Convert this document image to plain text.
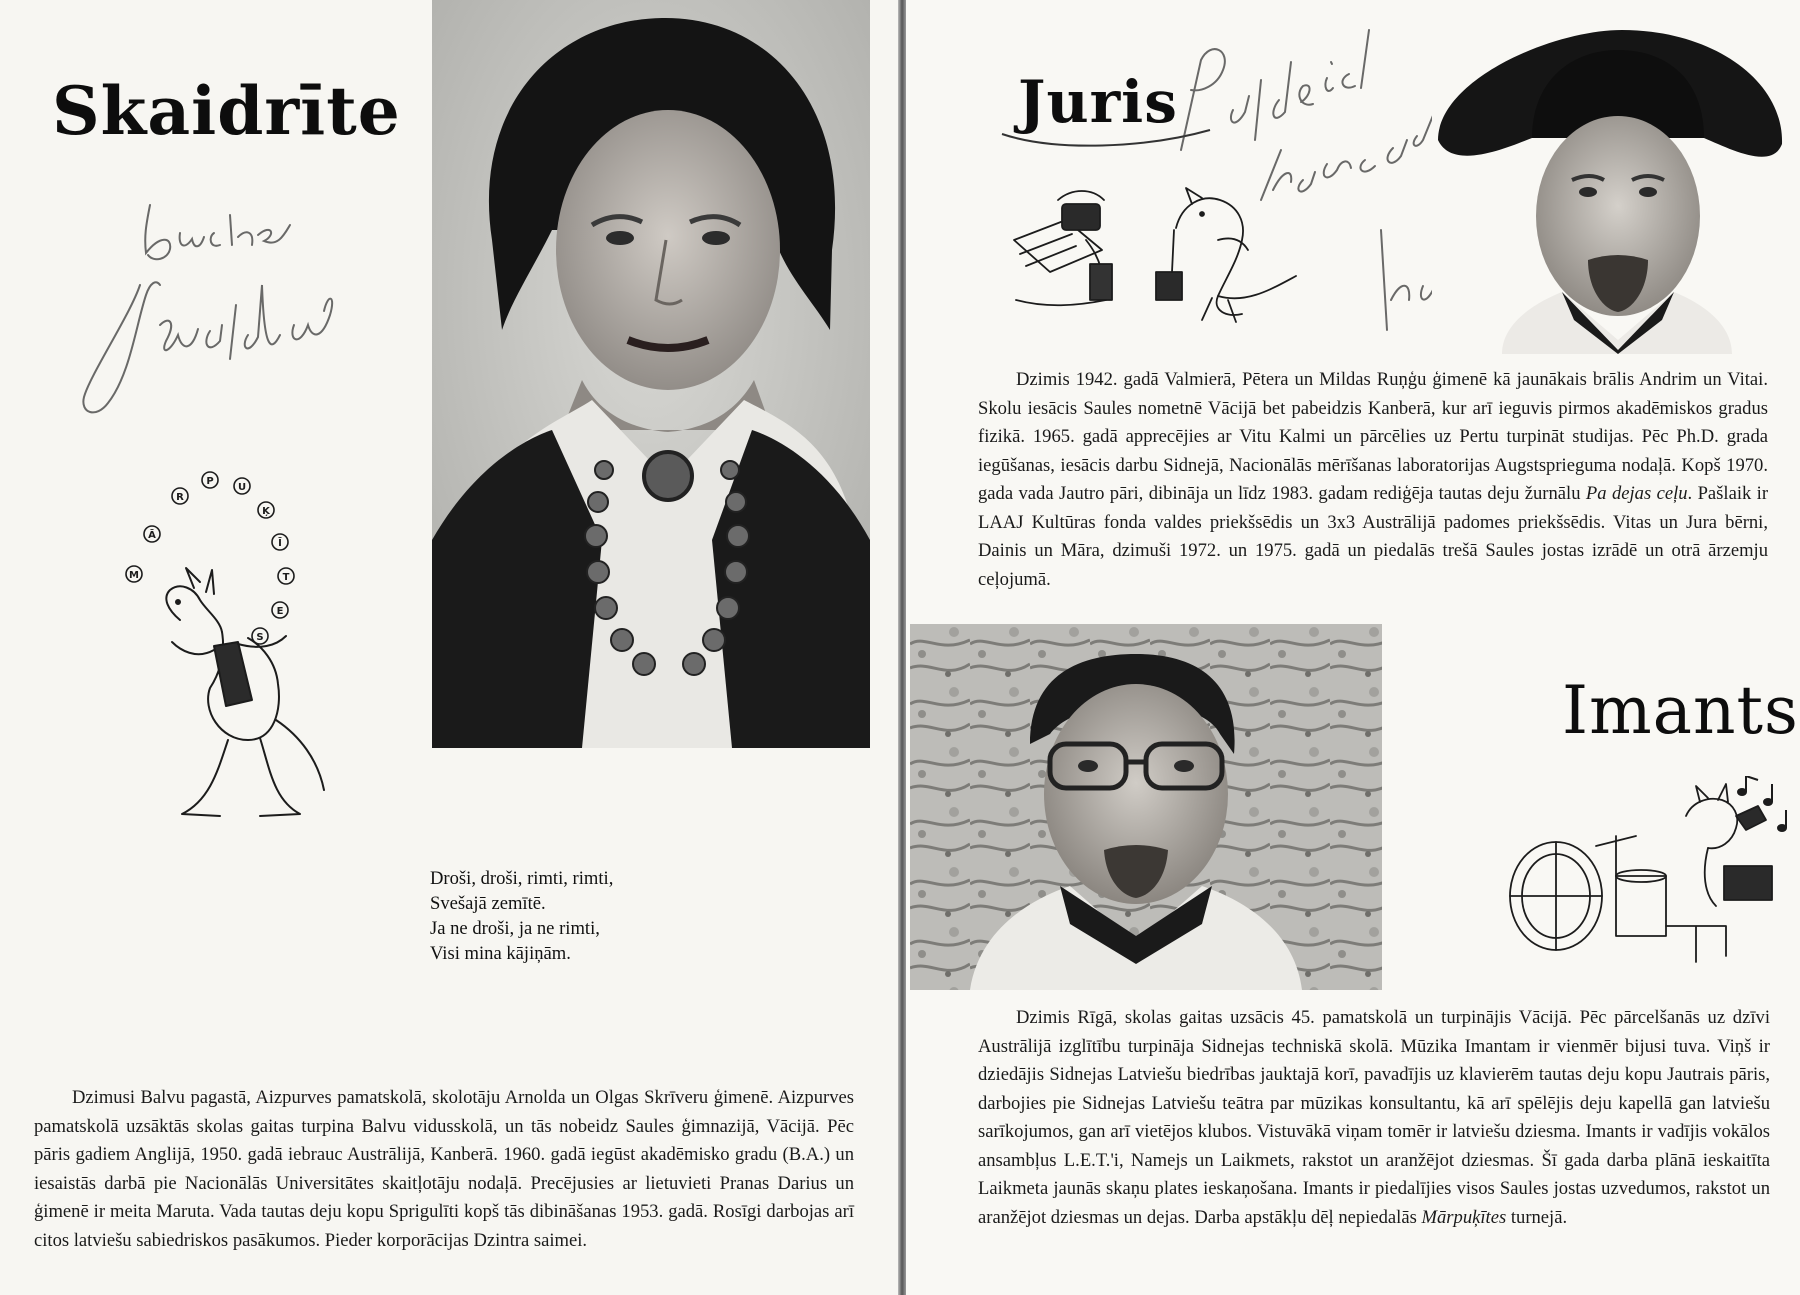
Skaidrīte
M
Ā
R
P
U
Ķ
Ī
T
E
S
Droši, droši, rimti, rimti,
Svešajā zemītē.
Ja ne droši, ja ne rimti,
Visi mina kājiņām.

Dzimusi Balvu pagastā, Aizpurves pamatskolā, skolotāju Arnolda un Olgas Skrīveru ģimenē. Aizpurves pamatskolā uzsāktās skolas gaitas turpina Balvu vidusskolā, un tās nobeidz Saules ģimnazijā, Vācijā. Pēc pāris gadiem Anglijā, 1950. gadā iebrauc Austrālijā, Kanberā. 1960. gadā iegūst akadēmisko gradu (B.A.) un iesaistās darbā pie Nacionālās Universitātes skaitļotāju nodaļā. Precējusies ar lietuvieti Pranas Darius un ģimenē ir meita Maruta. Vada tautas deju kopu Sprigulīti kopš tās dibināšanas 1953. gadā. Rosīgi darbojas arī citos latviešu sabiedriskos pasākumos. Pieder korporācijas Dzintra saimei.

Juris

Dzimis 1942. gadā Valmierā, Pētera un Mildas Ruņģu ģimenē kā jaunākais brālis Andrim un Vitai. Skolu iesācis Saules nometnē Vācijā bet pabeidzis Kanberā, kur arī ieguvis pirmos akadēmiskos gradus fizikā. 1965. gadā apprecējies ar Vitu Kalmi un pārcēlies uz Pertu turpināt studijas. Pēc Ph.D. grada iegūšanas, iesācis darbu Sidnejā, Nacionālās mērīšanas laboratorijas Augstsprieguma nodaļā. Kopš 1970. gada vada Jautro pāri, dibināja un līdz 1983. gadam rediģēja tautas deju žurnālu Pa dejas ceļu. Pašlaik ir LAAJ Kultūras fonda valdes priekšsēdis un 3x3 Austrālijā padomes priekšsēdis. Vitas un Jura bērni, Dainis un Māra, dzimuši 1972. un 1975. gadā un piedalās trešā Saules jostas izrādē un otrā ārzemju ceļojumā.

Imants

Dzimis Rīgā, skolas gaitas uzsācis 45. pamatskolā un turpinājis Vācijā. Pēc pārcelšanās uz dzīvi Austrālijā izglītību turpināja Sidnejas techniskā skolā. Mūzika Imantam ir vienmēr bijusi tuva. Viņš ir dziedājis Sidnejas Latviešu biedrības jauktajā korī, pavadījis uz klavierēm tautas deju kopu Jautrais pāris, darbojies pie Sidnejas Latviešu teātra par mūzikas konsultantu, kā arī spēlējis deju kapellā gan latviešu sarīkojumos, gan arī vietējos klubos. Vistuvākā viņam tomēr ir latviešu dziesma. Imants ir vadījis vokālos ansambļus L.E.T.'i, Namejs un Laikmets, rakstot un aranžējot dziesmas. Šī gada darba plānā ieskaitīta Laikmeta jaunās skaņu plates ieskaņošana. Imants ir piedalījies visos Saules jostas uzvedumos, rakstot un aranžējot dziesmas un dejas. Darba apstākļu dēļ nepiedalās Mārpuķītes turnejā.
